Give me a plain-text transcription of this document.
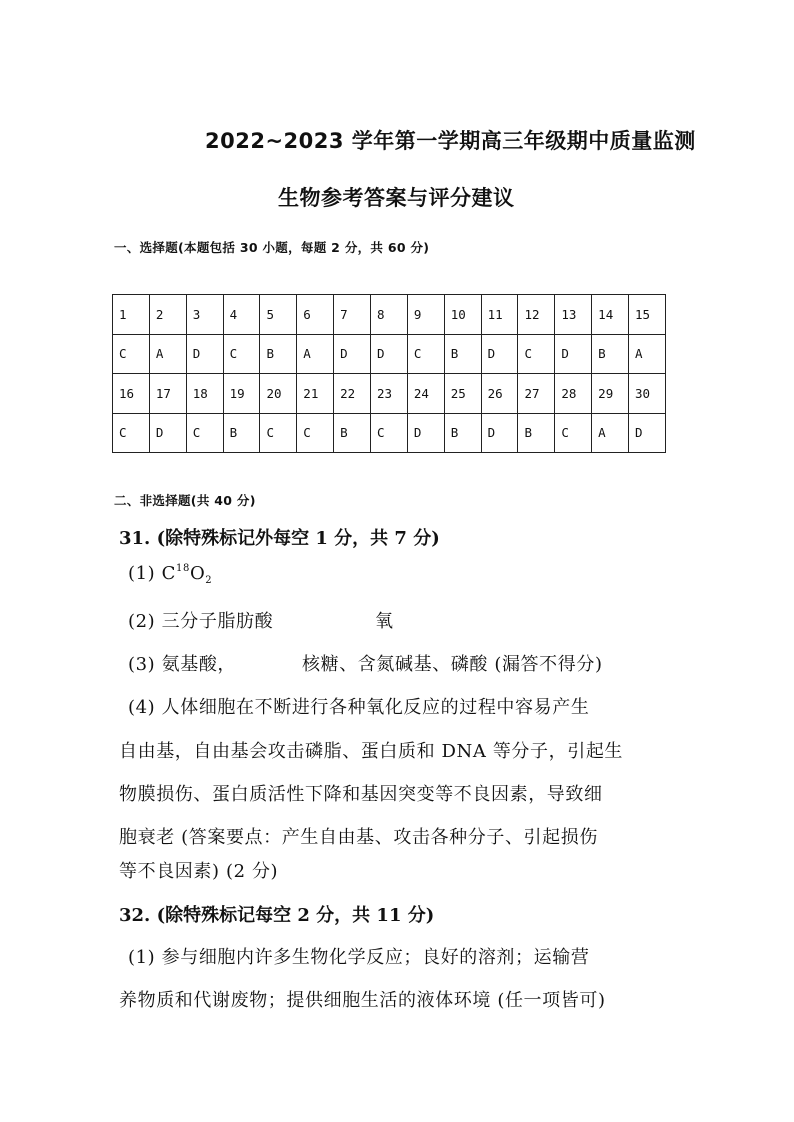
2022~2023 学年第一学期高三年级期中质量监测
生物参考答案与评分建议
一、选择题(本题包括 30 小题，每题 2 分，共 60 分)
1	2	3	4	5	6	7	8	9	10	11	12	13	14	15
C	A	D	C	B	A	D	D	C	B	D	C	D	B	A
16	17	18	19	20	21	22	23	24	25	26	27	28	29	30
C	D	C	B	C	C	B	C	D	B	D	B	C	A	D
二、非选择题(共 40 分)
31. (除特殊标记外每空 1 分，共 7 分)
(1) $C^{18}O_2$
(2) 三分子脂肪酸	氧
(3) 氨基酸，	核糖、含氮碱基、磷酸 (漏答不得分)
(4) 人体细胞在不断进行各种氧化反应的过程中容易产生
自由基，自由基会攻击磷脂、蛋白质和 DNA 等分子，引起生
物膜损伤、蛋白质活性下降和基因突变等不良因素，导致细
胞衰老 (答案要点：产生自由基、攻击各种分子、引起损伤
等不良因素) (2 分)
32. (除特殊标记每空 2 分，共 11 分)
(1) 参与细胞内许多生物化学反应；良好的溶剂；运输营
养物质和代谢废物；提供细胞生活的液体环境 (任一项皆可)
